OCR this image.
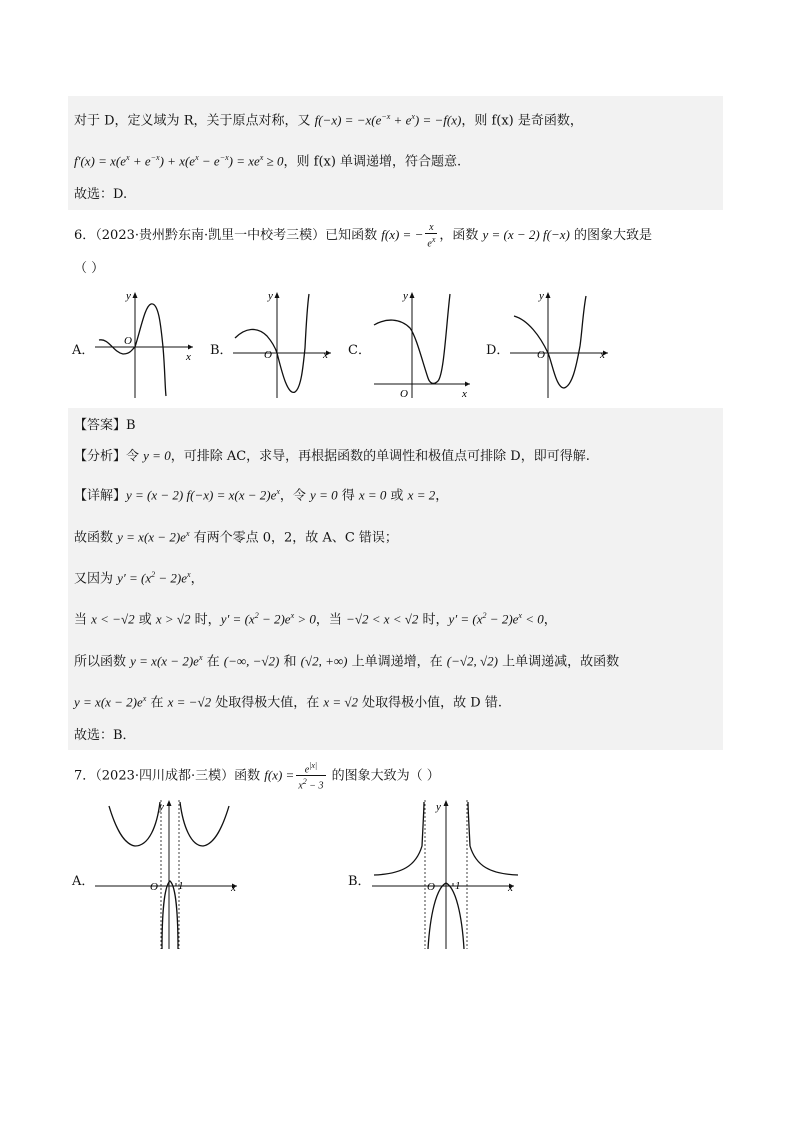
对于 D，定义域为 R，关于原点对称，又 $f(-x) = -x(e^{-x} + e^x) = -f(x)$，则 f(x) 是奇函数，
$f'(x) = x(e^x + e^{-x}) + x(e^x - e^{-x}) = xe^x \ge 0$，则 f(x) 单调递增，符合题意.
故选：D.
6．（2023·贵州黔东南·凯里一中校考三模）已知函数 f(x) = − $\frac{x}{e^x}$ ，函数 y = (x − 2) f(−x) 的图象大致是
（ ）
A．	B．	C．	D．
x
y
O
x
y
O
x
y
O
x
y
O
【答案】B
【分析】令 y = 0，可排除 AC，求导，再根据函数的单调性和极值点可排除 D，即可得解.
【详解】y = (x − 2) $f(-x) = x(x - 2)e^x$，令 y = 0 得 x = 0 或 x = 2，
故函数 $y = x(x - 2)e^x$ 有两个零点 0，2，故 A、C 错误；
又因为 $y' = (x^2 - 2)e^x$，
当 x < −√2 或 x > √2 时，$y' = (x^2 - 2)e^x > 0$，当 −√2 < x < √2 时，$y' = (x^2 - 2)e^x < 0$，
所以函数 $y = x(x - 2)e^x$ 在 (−∞, −√2) 和 (√2, +∞) 上单调递增，在 (−√2, √2) 上单调递减，故函数
$y = x(x - 2)e^x$ 在 x = −√2 处取得极大值，在 x = √2 处取得极小值，故 D 错.
故选：B．
7．（2023·四川成都·三模）函数 $f(x) = \frac{e^{|x|}}{x^2 - 3}$ 的图象大致为（ ）
A．	B．
x
y
O 1	x
y
O 1
